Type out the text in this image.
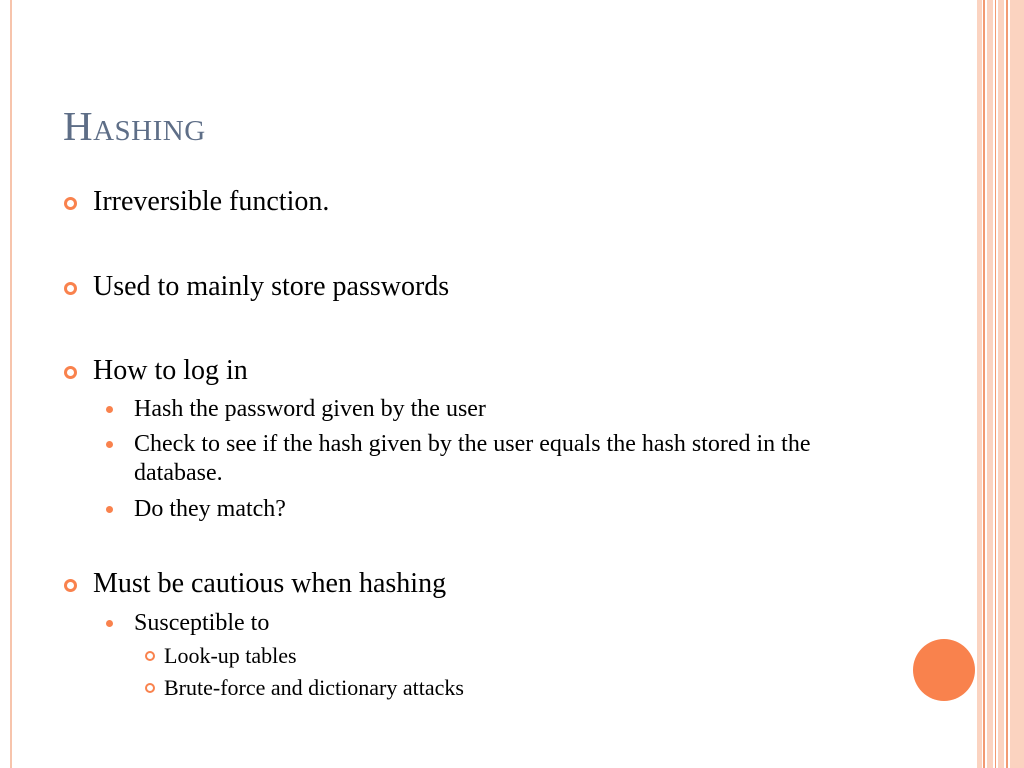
Hashing
Irreversible function.
Used to mainly store passwords
How to log in
Hash the password given by the user
Check to see if the hash given by the user equals the hash stored in the database.
Do they match?
Must be cautious when hashing
Susceptible to
Look-up tables
Brute-force and dictionary attacks
